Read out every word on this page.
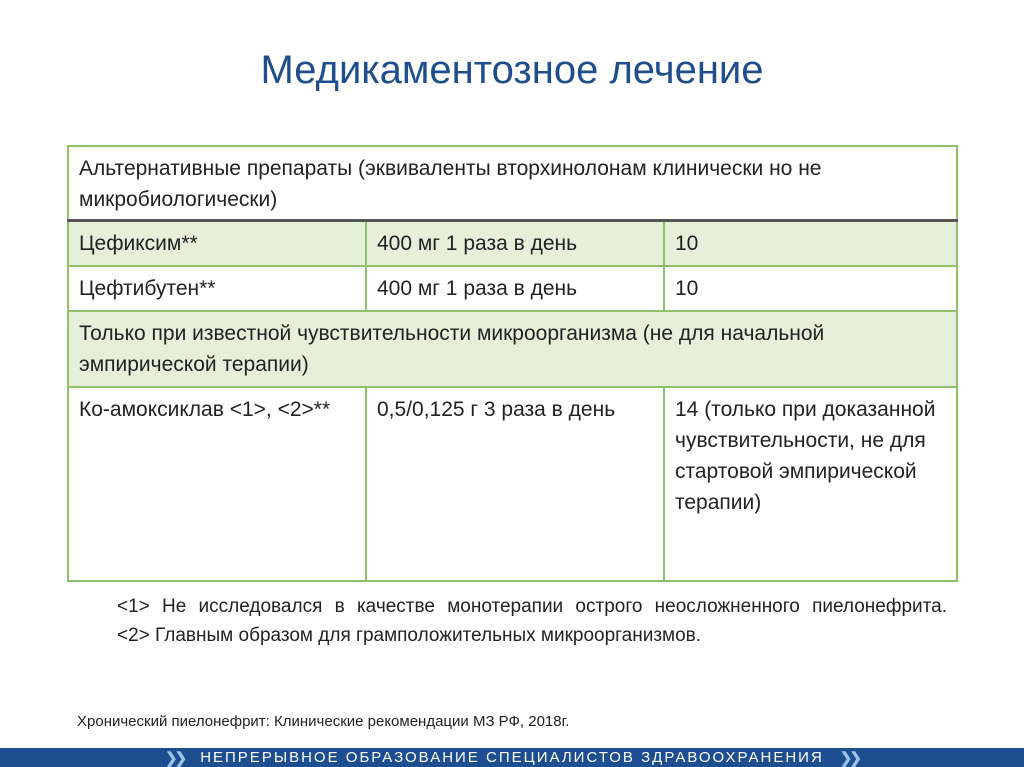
Медикаментозное лечение
Альтернативные препараты (эквиваленты вторхинолонам клинически но не микробиологически)		
Цефиксим**	400 мг 1 раза в день	10
Цефтибутен**	400 мг 1 раза в день	10
Только при известной чувствительности микроорганизма (не для начальной эмпирической терапии)		
Ко-амоксиклав <1>, <2>**	0,5/0,125 г 3 раза в день	14 (только при доказанной чувствительности, не для стартовой эмпирической терапии)

<1> Не исследовался в качестве монотерапии острого неосложненного пиелонефрита.

<2> Главным образом для грамположительных микроорганизмов.

Хронический пиелонефрит: Клинические рекомендации МЗ РФ, 2018г.
❯❯ НЕПРЕРЫВНОЕ ОБРАЗОВАНИЕ СПЕЦИАЛИСТОВ ЗДРАВООХРАНЕНИЯ ❯❯
